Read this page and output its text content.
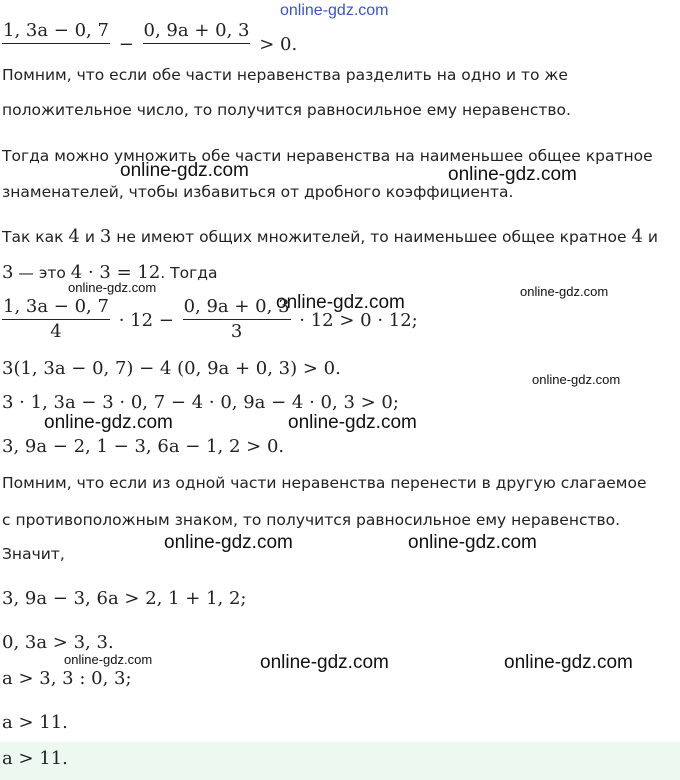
online-gdz.com
online-gdz.com	online-gdz.com
online-gdz.com
online-gdz.com
online-gdz.com
online-gdz.com
online-gdz.com	online-gdz.com
online-gdz.com	online-gdz.com
online-gdz.com	online-gdz.com	online-gdz.com
$\frac{1, 3a - 0, 7}{4} - \frac{0, 9a + 0, 3}{3} > 0$.
Помним, что если обе части неравенства разделить на одно и то же
положительное число, то получится равносильное ему неравенство.
Тогда можно умножить обе части неравенства на наименьшее общее кратное
знаменателей, чтобы избавиться от дробного коэффициента.
Так как 4 и 3 не имеют общих множителей, то наименьшее общее кратное 4 и
3 — это 4 · 3 = 12. Тогда
$\frac{1, 3a - 0, 7}{4} \cdot 12 - \frac{0, 9a + 0, 3}{3} \cdot 12 > 0 \cdot 12$;
3(1, 3a − 0, 7) − 4 (0, 9a + 0, 3) > 0.
3 · 1, 3a − 3 · 0, 7 − 4 · 0, 9a − 4 · 0, 3 > 0;
3, 9a − 2, 1 − 3, 6a − 1, 2 > 0.
Помним, что если из одной части неравенства перенести в другую слагаемое
с противоположным знаком, то получится равносильное ему неравенство.
Значит,
3, 9a − 3, 6a > 2, 1 + 1, 2;
0, 3a > 3, 3.
a > 3, 3 : 0, 3;
a > 11.
a > 11.
